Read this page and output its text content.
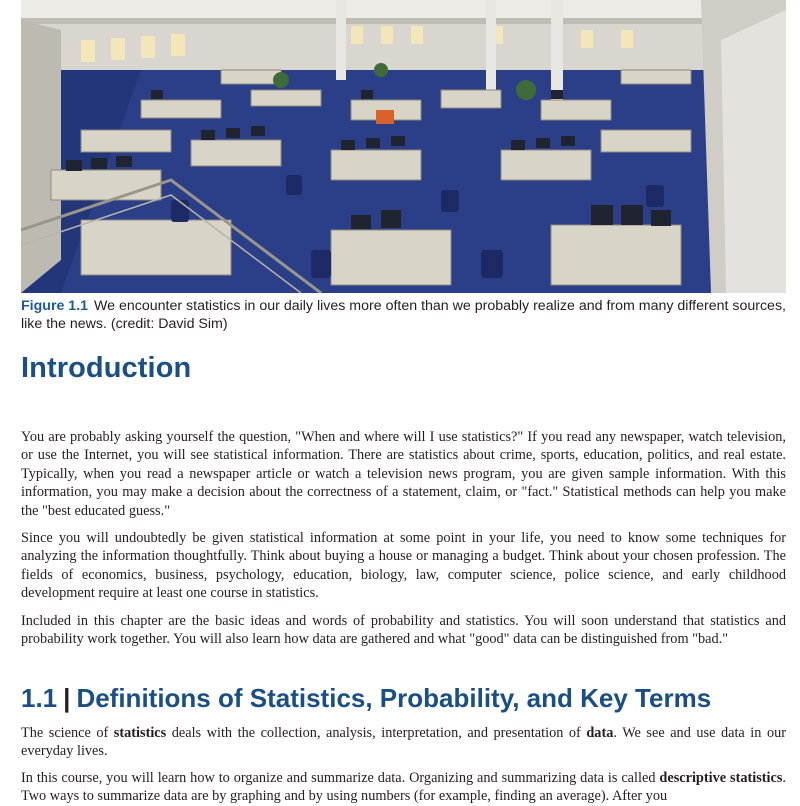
Figure 1.1 We encounter statistics in our daily lives more often than we probably realize and from many different sources, like the news. (credit: David Sim)
Introduction

You are probably asking yourself the question, "When and where will I use statistics?" If you read any newspaper, watch television, or use the Internet, you will see statistical information. There are statistics about crime, sports, education, politics, and real estate. Typically, when you read a newspaper article or watch a television news program, you are given sample information. With this information, you may make a decision about the correctness of a statement, claim, or "fact." Statistical methods can help you make the "best educated guess."

Since you will undoubtedly be given statistical information at some point in your life, you need to know some techniques for analyzing the information thoughtfully. Think about buying a house or managing a budget. Think about your chosen profession. The fields of economics, business, psychology, education, biology, law, computer science, police science, and early childhood development require at least one course in statistics.

Included in this chapter are the basic ideas and words of probability and statistics. You will soon understand that statistics and probability work together. You will also learn how data are gathered and what "good" data can be distinguished from "bad."

1.1 | Definitions of Statistics, Probability, and Key Terms

The science of statistics deals with the collection, analysis, interpretation, and presentation of data. We see and use data in our everyday lives.

In this course, you will learn how to organize and summarize data. Organizing and summarizing data is called descriptive statistics. Two ways to summarize data are by graphing and by using numbers (for example, finding an average). After you
